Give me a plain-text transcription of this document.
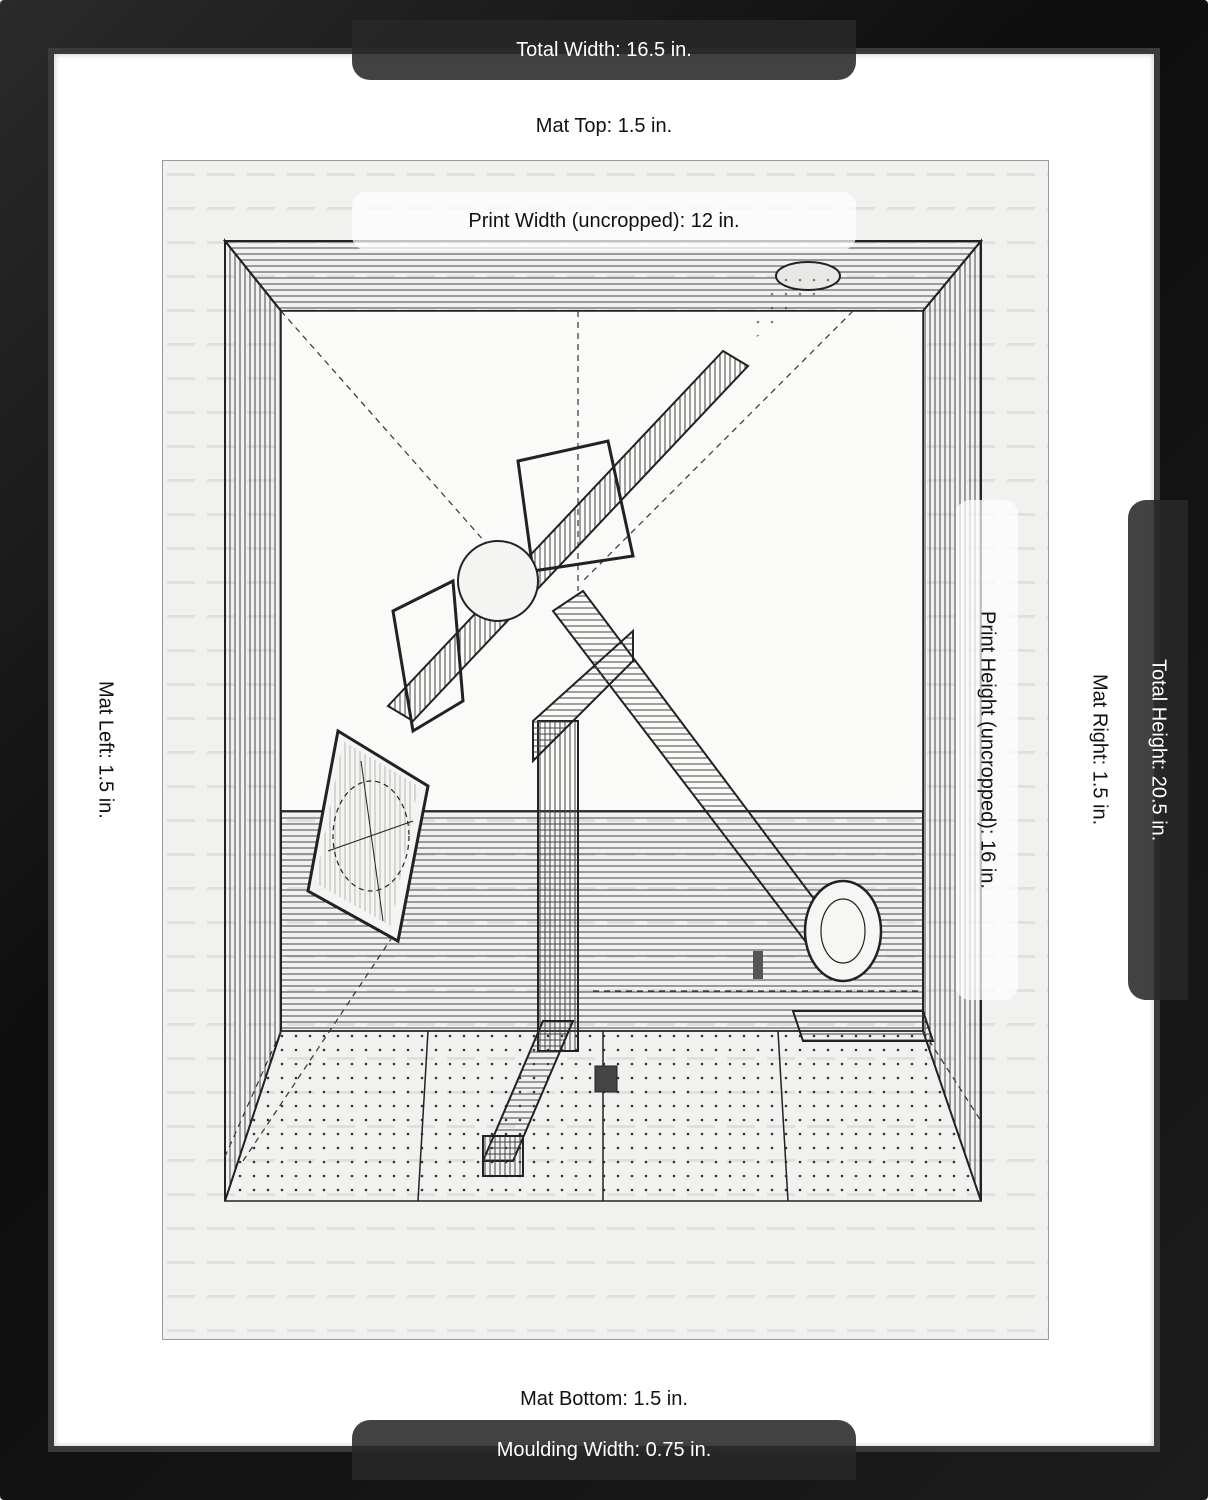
Total Width: 16.5 in.
Mat Top: 1.5 in.
Print Width (uncropped): 12 in.
Mat Left: 1.5 in.	Print Height (uncropped): 16 in.	Mat Right: 1.5 in.	Total Height: 20.5 in.
Mat Bottom: 1.5 in.
Moulding Width: 0.75 in.
